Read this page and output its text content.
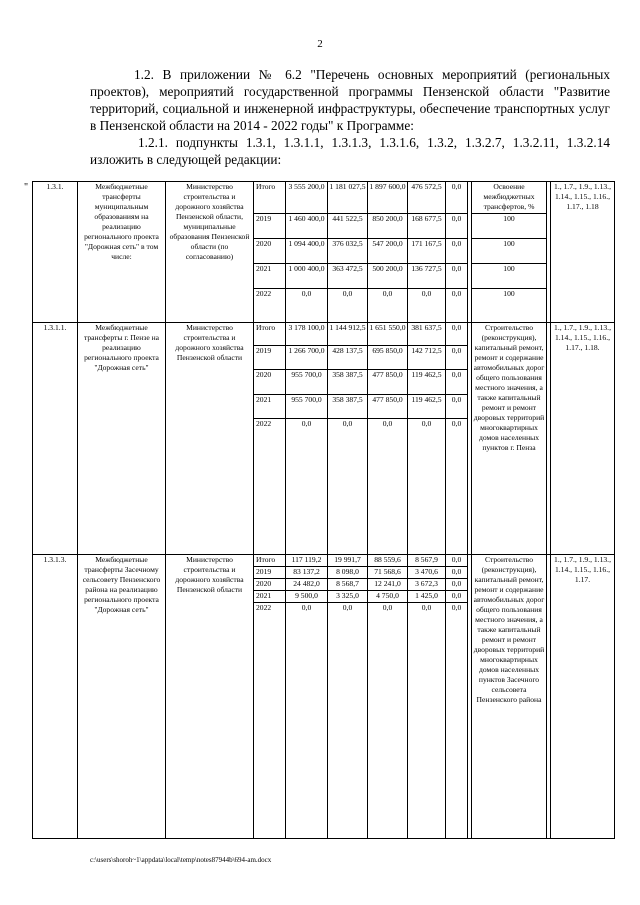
2

1.2. В приложении № 6.2 "Перечень основных мероприятий (региональных проектов), мероприятий государственной программы Пензенской области "Развитие территорий, социальной и инженерной инфраструктуры, обеспечение транспортных услуг в Пензенской области на 2014 - 2022 годы" к Программе:

1.2.1. подпункты 1.3.1, 1.3.1.1, 1.3.1.3, 1.3.1.6, 1.3.2, 1.3.2.7, 1.3.2.11, 1.3.2.14 изложить в следующей редакции:

" 1.3.1.	Межбюджетные трансферты муниципальным образованиям на реализацию регионального проекта "Дорожная сеть" в том числе:	Министерство строительства и дорожного хозяйства Пензенской области, муниципальные образования Пензенской области (по согласованию)	Итого	3 555 200,0	1 181 027,5	1 897 600,0	476 572,5	0,0		Освоение межбюджетных трансфертов, %		1., 1.7., 1.9., 1.13., 1.14., 1.15., 1.16., 1.17., 1.18
			2019	1 460 400,0	441 522,5	850 200,0	168 677,5	0,0		100		
			2020	1 094 400,0	376 032,5	547 200,0	171 167,5	0,0		100		
			2021	1 000 400,0	363 472,5	500 200,0	136 727,5	0,0		100		
			2022	0,0	0,0	0,0	0,0	0,0		100		
1.3.1.1.	Межбюджетные трансферты г. Пензе на реализацию регионального проекта "Дорожная сеть"	Министерство строительства и дорожного хозяйства Пензенской области	Итого	3 178 100,0	1 144 912,5	1 651 550,0	381 637,5	0,0		Строительство (реконструкция), капитальный ремонт, ремонт и содержание автомобильных дорог общего пользования местного значения, а также капитальный ремонт и ремонт дворовых территорий многоквартирных домов населенных пунктов г. Пенза		1., 1.7., 1.9., 1.13., 1.14., 1.15., 1.16., 1.17., 1.18.
			2019	1 266 700,0	428 137,5	695 850,0	142 712,5	0,0				
			2020	955 700,0	358 387,5	477 850,0	119 462,5	0,0				
			2021	955 700,0	358 387,5	477 850,0	119 462,5	0,0				
			2022	0,0	0,0	0,0	0,0	0,0				
1.3.1.3.	Межбюджетные трансферты Засечному сельсовету Пензенского района на реализацию регионального проекта "Дорожная сеть"	Министерство строительства и дорожного хозяйства Пензенской области	Итого	117 119,2	19 991,7	88 559,6	8 567,9	0,0		Строительство (реконструкция), капитальный ремонт, ремонт и содержание автомобильных дорог общего пользования местного значения, а также капитальный ремонт и ремонт дворовых территорий многоквартирных домов населенных пунктов Засечного сельсовета Пензенского района		1., 1.7., 1.9., 1.13., 1.14., 1.15., 1.16., 1.17.
			2019	83 137,2	8 098,0	71 568,6	3 470,6	0,0				
			2020	24 482,0	8 568,7	12 241,0	3 672,3	0,0				
			2021	9 500,0	3 325,0	4 750,0	1 425,0	0,0				
			2022	0,0	0,0	0,0	0,0	0,0				
c:\users\shoroh~1\appdata\local\temp\notes87944b\694-am.docx
